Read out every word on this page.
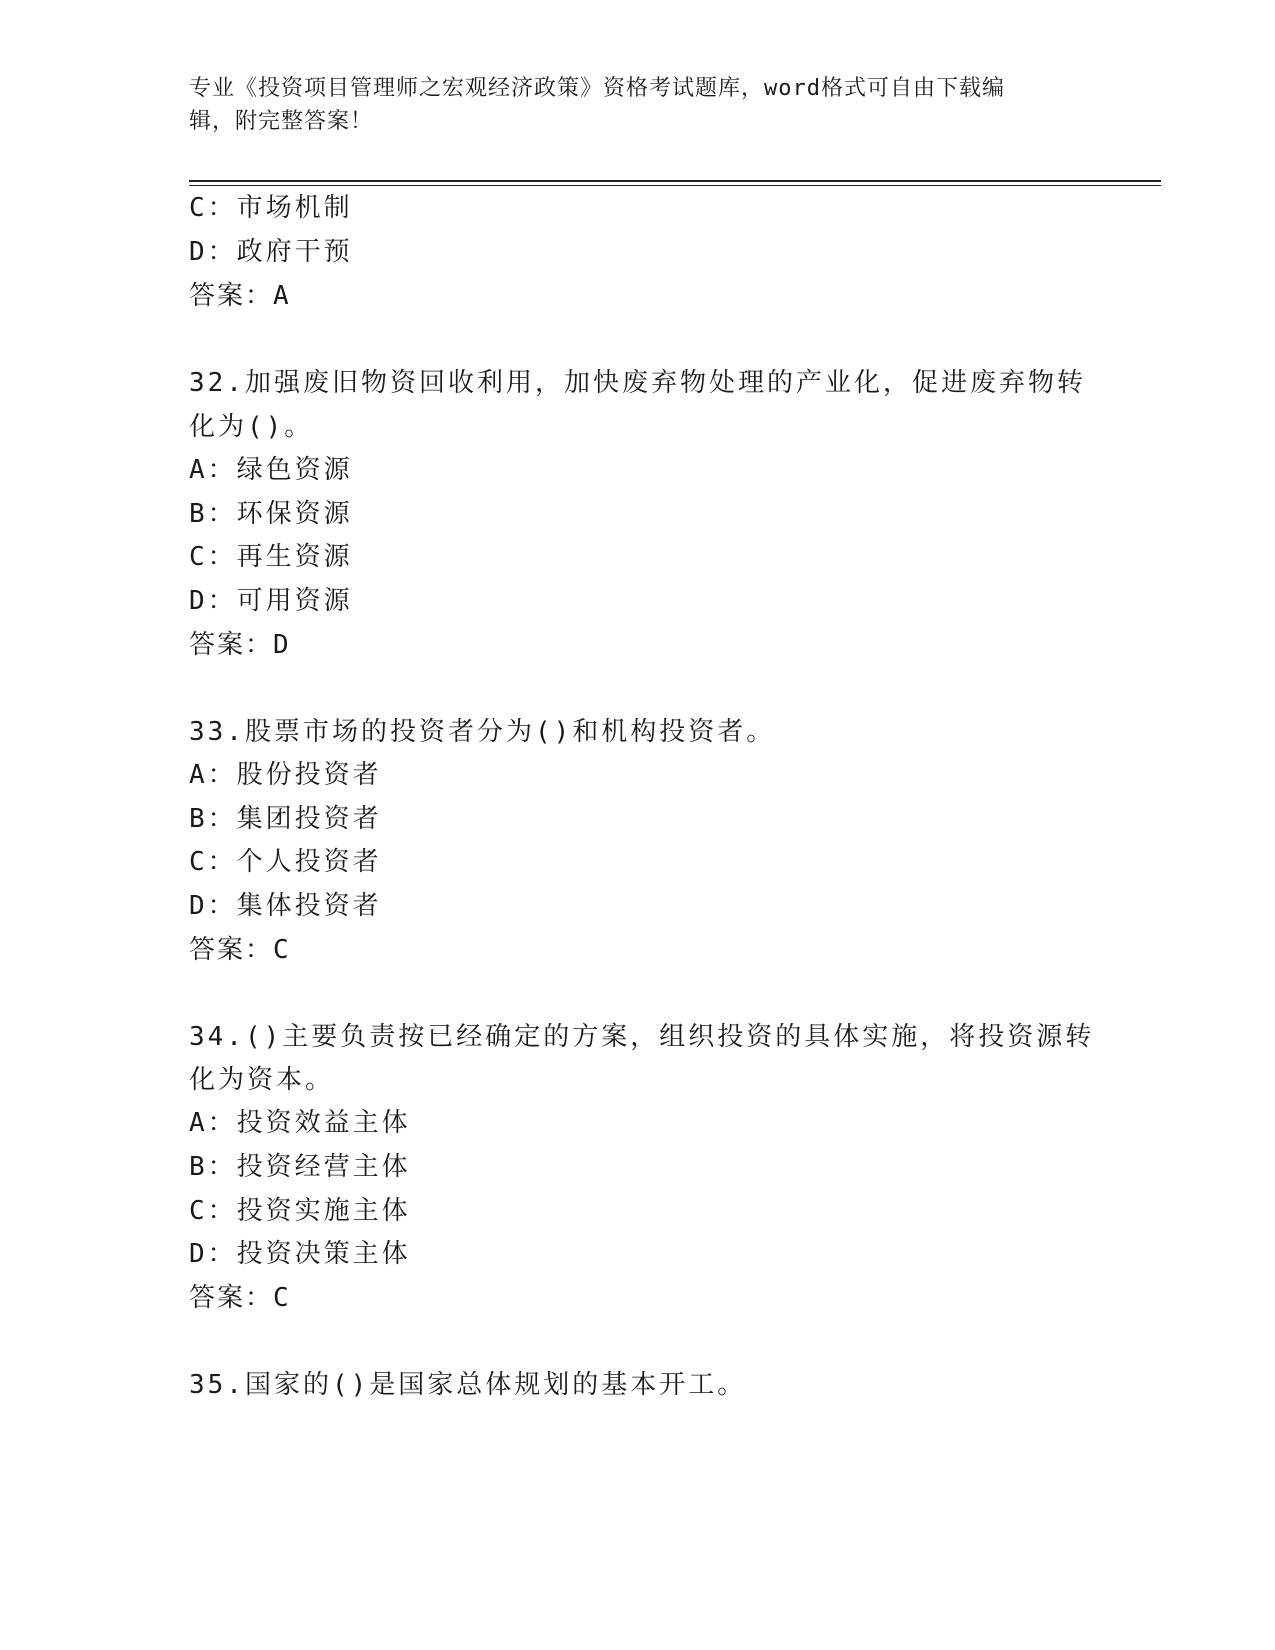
专业《投资项目管理师之宏观经济政策》资格考试题库，word格式可自由下载编
辑，附完整答案！
C：市场机制
D：政府干预
答案：A
32.加强废旧物资回收利用，加快废弃物处理的产业化，促进废弃物转
化为()。
A：绿色资源
B：环保资源
C：再生资源
D：可用资源
答案：D
33.股票市场的投资者分为()和机构投资者。
A：股份投资者
B：集团投资者
C：个人投资者
D：集体投资者
答案：C
34.()主要负责按已经确定的方案，组织投资的具体实施，将投资源转
化为资本。
A：投资效益主体
B：投资经营主体
C：投资实施主体
D：投资决策主体
答案：C
35.国家的()是国家总体规划的基本开工。
